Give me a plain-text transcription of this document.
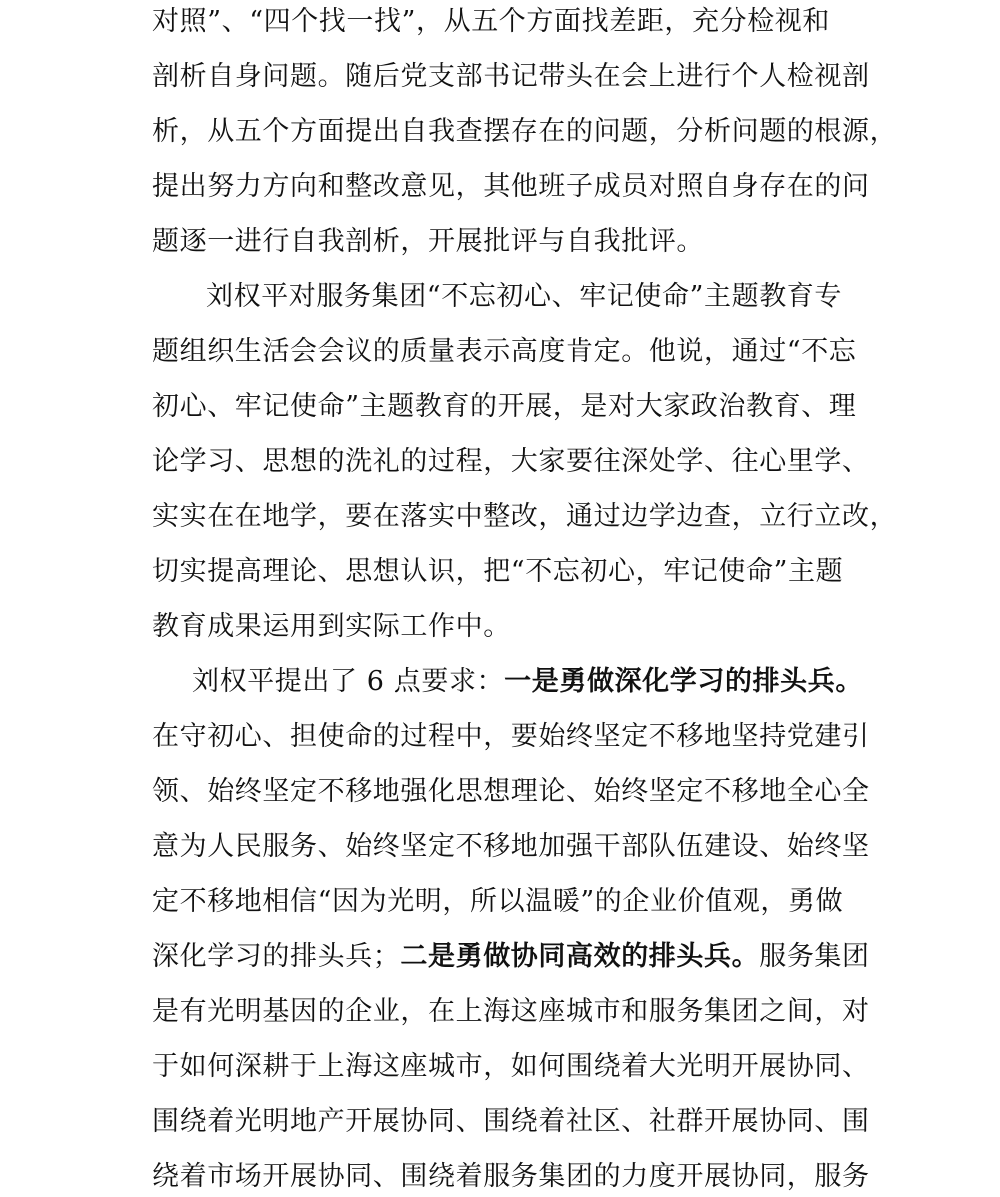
对照”、“四个找一找”，从五个方面找差距，充分检视和
剖析自身问题。随后党支部书记带头在会上进行个人检视剖
析，从五个方面提出自我查摆存在的问题，分析问题的根源，
提出努力方向和整改意见，其他班子成员对照自身存在的问
题逐一进行自我剖析，开展批评与自我批评。
刘权平对服务集团“不忘初心、牢记使命”主题教育专
题组织生活会会议的质量表示高度肯定。他说，通过“不忘
初心、牢记使命”主题教育的开展，是对大家政治教育、理
论学习、思想的洗礼的过程，大家要往深处学、往心里学、
实实在在地学，要在落实中整改，通过边学边查，立行立改，
切实提高理论、思想认识，把“不忘初心，牢记使命”主题
教育成果运用到实际工作中。
刘权平提出了 6 点要求：一是勇做深化学习的排头兵。
在守初心、担使命的过程中，要始终坚定不移地坚持党建引
领、始终坚定不移地强化思想理论、始终坚定不移地全心全
意为人民服务、始终坚定不移地加强干部队伍建设、始终坚
定不移地相信“因为光明，所以温暖”的企业价值观，勇做
深化学习的排头兵；二是勇做协同高效的排头兵。服务集团
是有光明基因的企业，在上海这座城市和服务集团之间，对
于如何深耕于上海这座城市，如何围绕着大光明开展协同、
围绕着光明地产开展协同、围绕着社区、社群开展协同、围
绕着市场开展协同、围绕着服务集团的力度开展协同，服务
